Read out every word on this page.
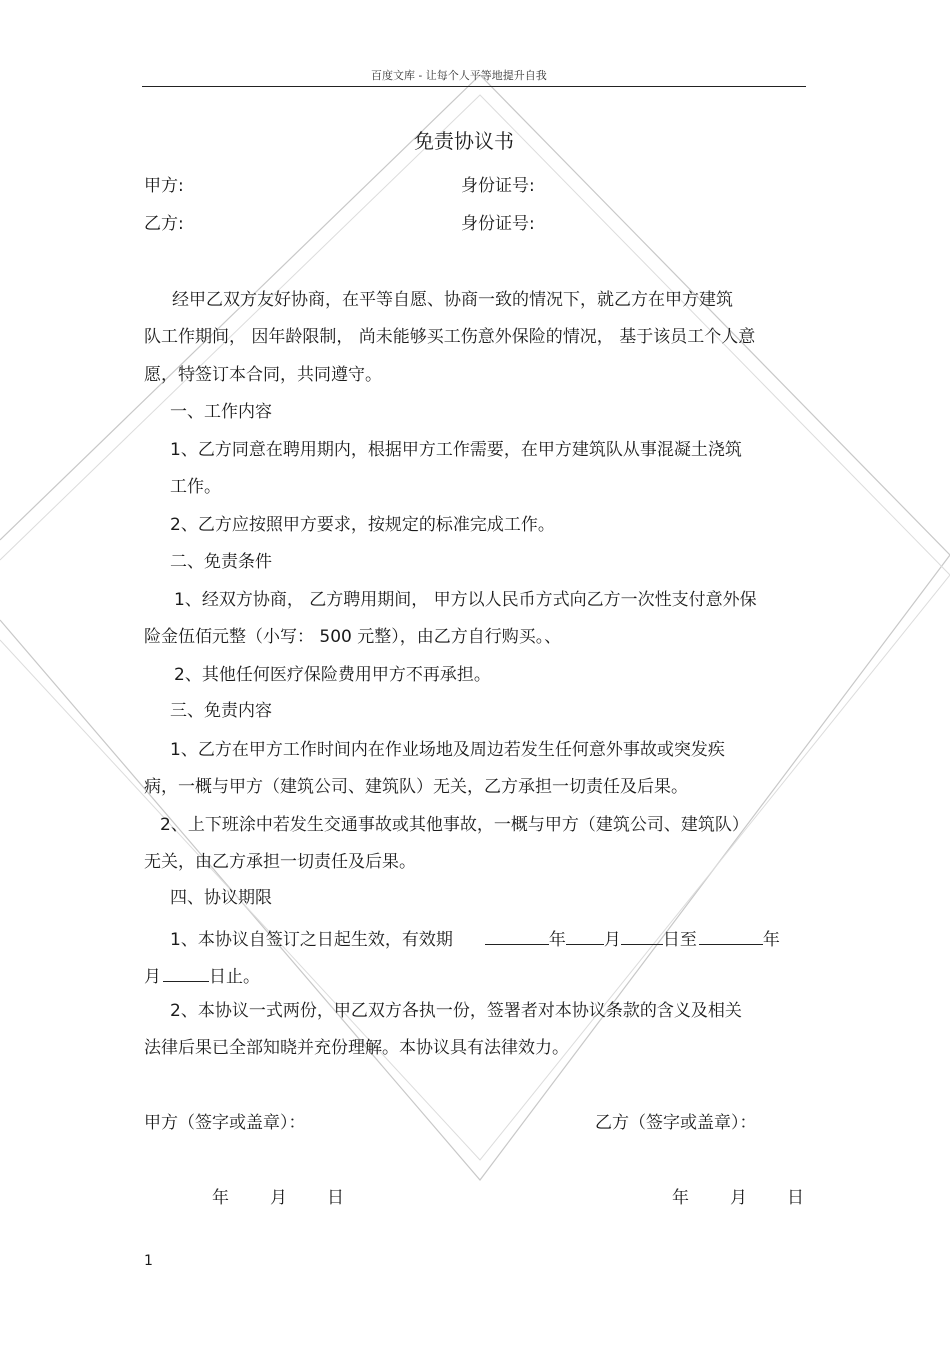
百度文库 - 让每个人平等地提升自我
免责协议书
甲方:	身份证号:
乙方:	身份证号:
经甲乙双方友好协商，在平等自愿、协商一致的情况下，就乙方在甲方建筑
队工作期间， 因年龄限制， 尚未能够买工伤意外保险的情况， 基于该员工个人意
愿，特签订本合同，共同遵守。
一、工作内容
1、乙方同意在聘用期内，根据甲方工作需要，在甲方建筑队从事混凝土浇筑
工作。
2、乙方应按照甲方要求，按规定的标准完成工作。
二、免责条件
1、经双方协商， 乙方聘用期间， 甲方以人民币方式向乙方一次性支付意外保
险金伍佰元整（小写： 500 元整），由乙方自行购买。、
2、其他任何医疗保险费用甲方不再承担。
三、免责内容
1、乙方在甲方工作时间内在作业场地及周边若发生任何意外事故或突发疾
病，一概与甲方（建筑公司、建筑队）无关，乙方承担一切责任及后果。
2、上下班涂中若发生交通事故或其他事故，一概与甲方（建筑公司、建筑队）
无关，由乙方承担一切责任及后果。
四、协议期限
1、本协议自签订之日起生效，有效期	年 月 日至	年
月	日止。
2、本协议一式两份，甲乙双方各执一份，签署者对本协议条款的含义及相关
法律后果已全部知晓并充份理解。本协议具有法律效力。
甲方（签字或盖章）：	乙方（签字或盖章）：
年 月 日	年 月 日
1
